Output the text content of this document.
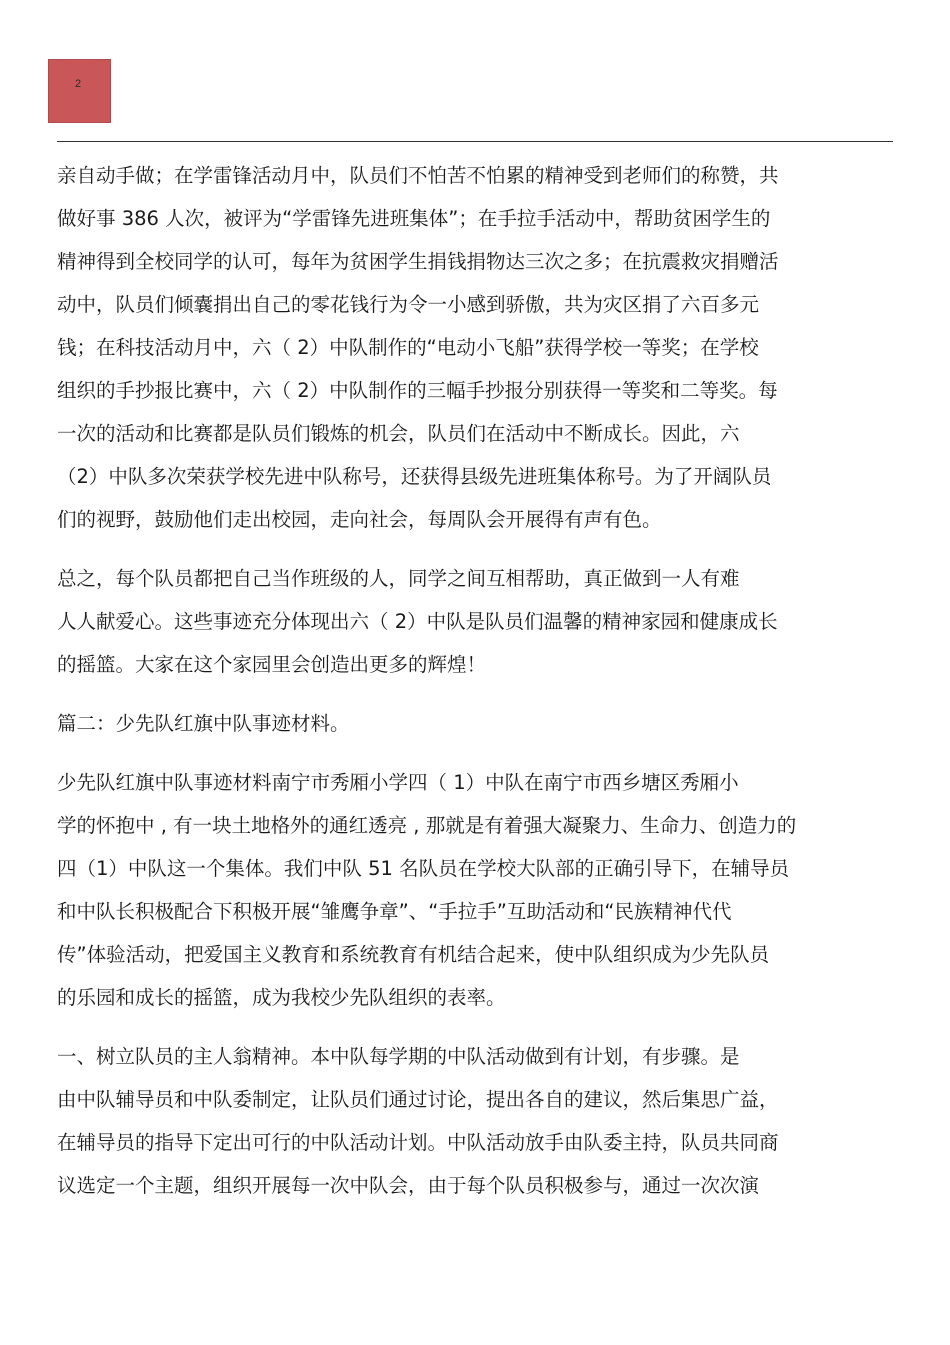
2

亲自动手做；在学雷锋活动月中，队员们不怕苦不怕累的精神受到老师们的称赞，共

做好事 386 人次，被评为“学雷锋先进班集体”；在手拉手活动中，帮助贫困学生的

精神得到全校同学的认可，每年为贫困学生捐钱捐物达三次之多；在抗震救灾捐赠活

动中，队员们倾囊捐出自己的零花钱行为令一小感到骄傲，共为灾区捐了六百多元

钱；在科技活动月中，六（ 2）中队制作的“电动小飞船”获得学校一等奖；在学校

组织的手抄报比赛中，六（ 2）中队制作的三幅手抄报分别获得一等奖和二等奖。每

一次的活动和比赛都是队员们锻炼的机会，队员们在活动中不断成长。因此，六

（2）中队多次荣获学校先进中队称号，还获得县级先进班集体称号。为了开阔队员

们的视野，鼓励他们走出校园，走向社会，每周队会开展得有声有色。

总之，每个队员都把自己当作班级的人，同学之间互相帮助，真正做到一人有难

人人献爱心。这些事迹充分体现出六（ 2）中队是队员们温馨的精神家园和健康成长

的摇篮。大家在这个家园里会创造出更多的辉煌！

篇二：少先队红旗中队事迹材料。

少先队红旗中队事迹材料南宁市秀厢小学四（ 1）中队在南宁市西乡塘区秀厢小

学的怀抱中 , 有一块土地格外的通红透亮 , 那就是有着强大凝聚力、生命力、创造力的

四（1）中队这一个集体。我们中队 51 名队员在学校大队部的正确引导下，在辅导员

和中队长积极配合下积极开展“雏鹰争章”、“手拉手”互助活动和“民族精神代代

传”体验活动，把爱国主义教育和系统教育有机结合起来，使中队组织成为少先队员

的乐园和成长的摇篮，成为我校少先队组织的表率。

一、树立队员的主人翁精神。本中队每学期的中队活动做到有计划，有步骤。是

由中队辅导员和中队委制定，让队员们通过讨论，提出各自的建议，然后集思广益，

在辅导员的指导下定出可行的中队活动计划。中队活动放手由队委主持，队员共同商

议选定一个主题，组织开展每一次中队会，由于每个队员积极参与，通过一次次演
